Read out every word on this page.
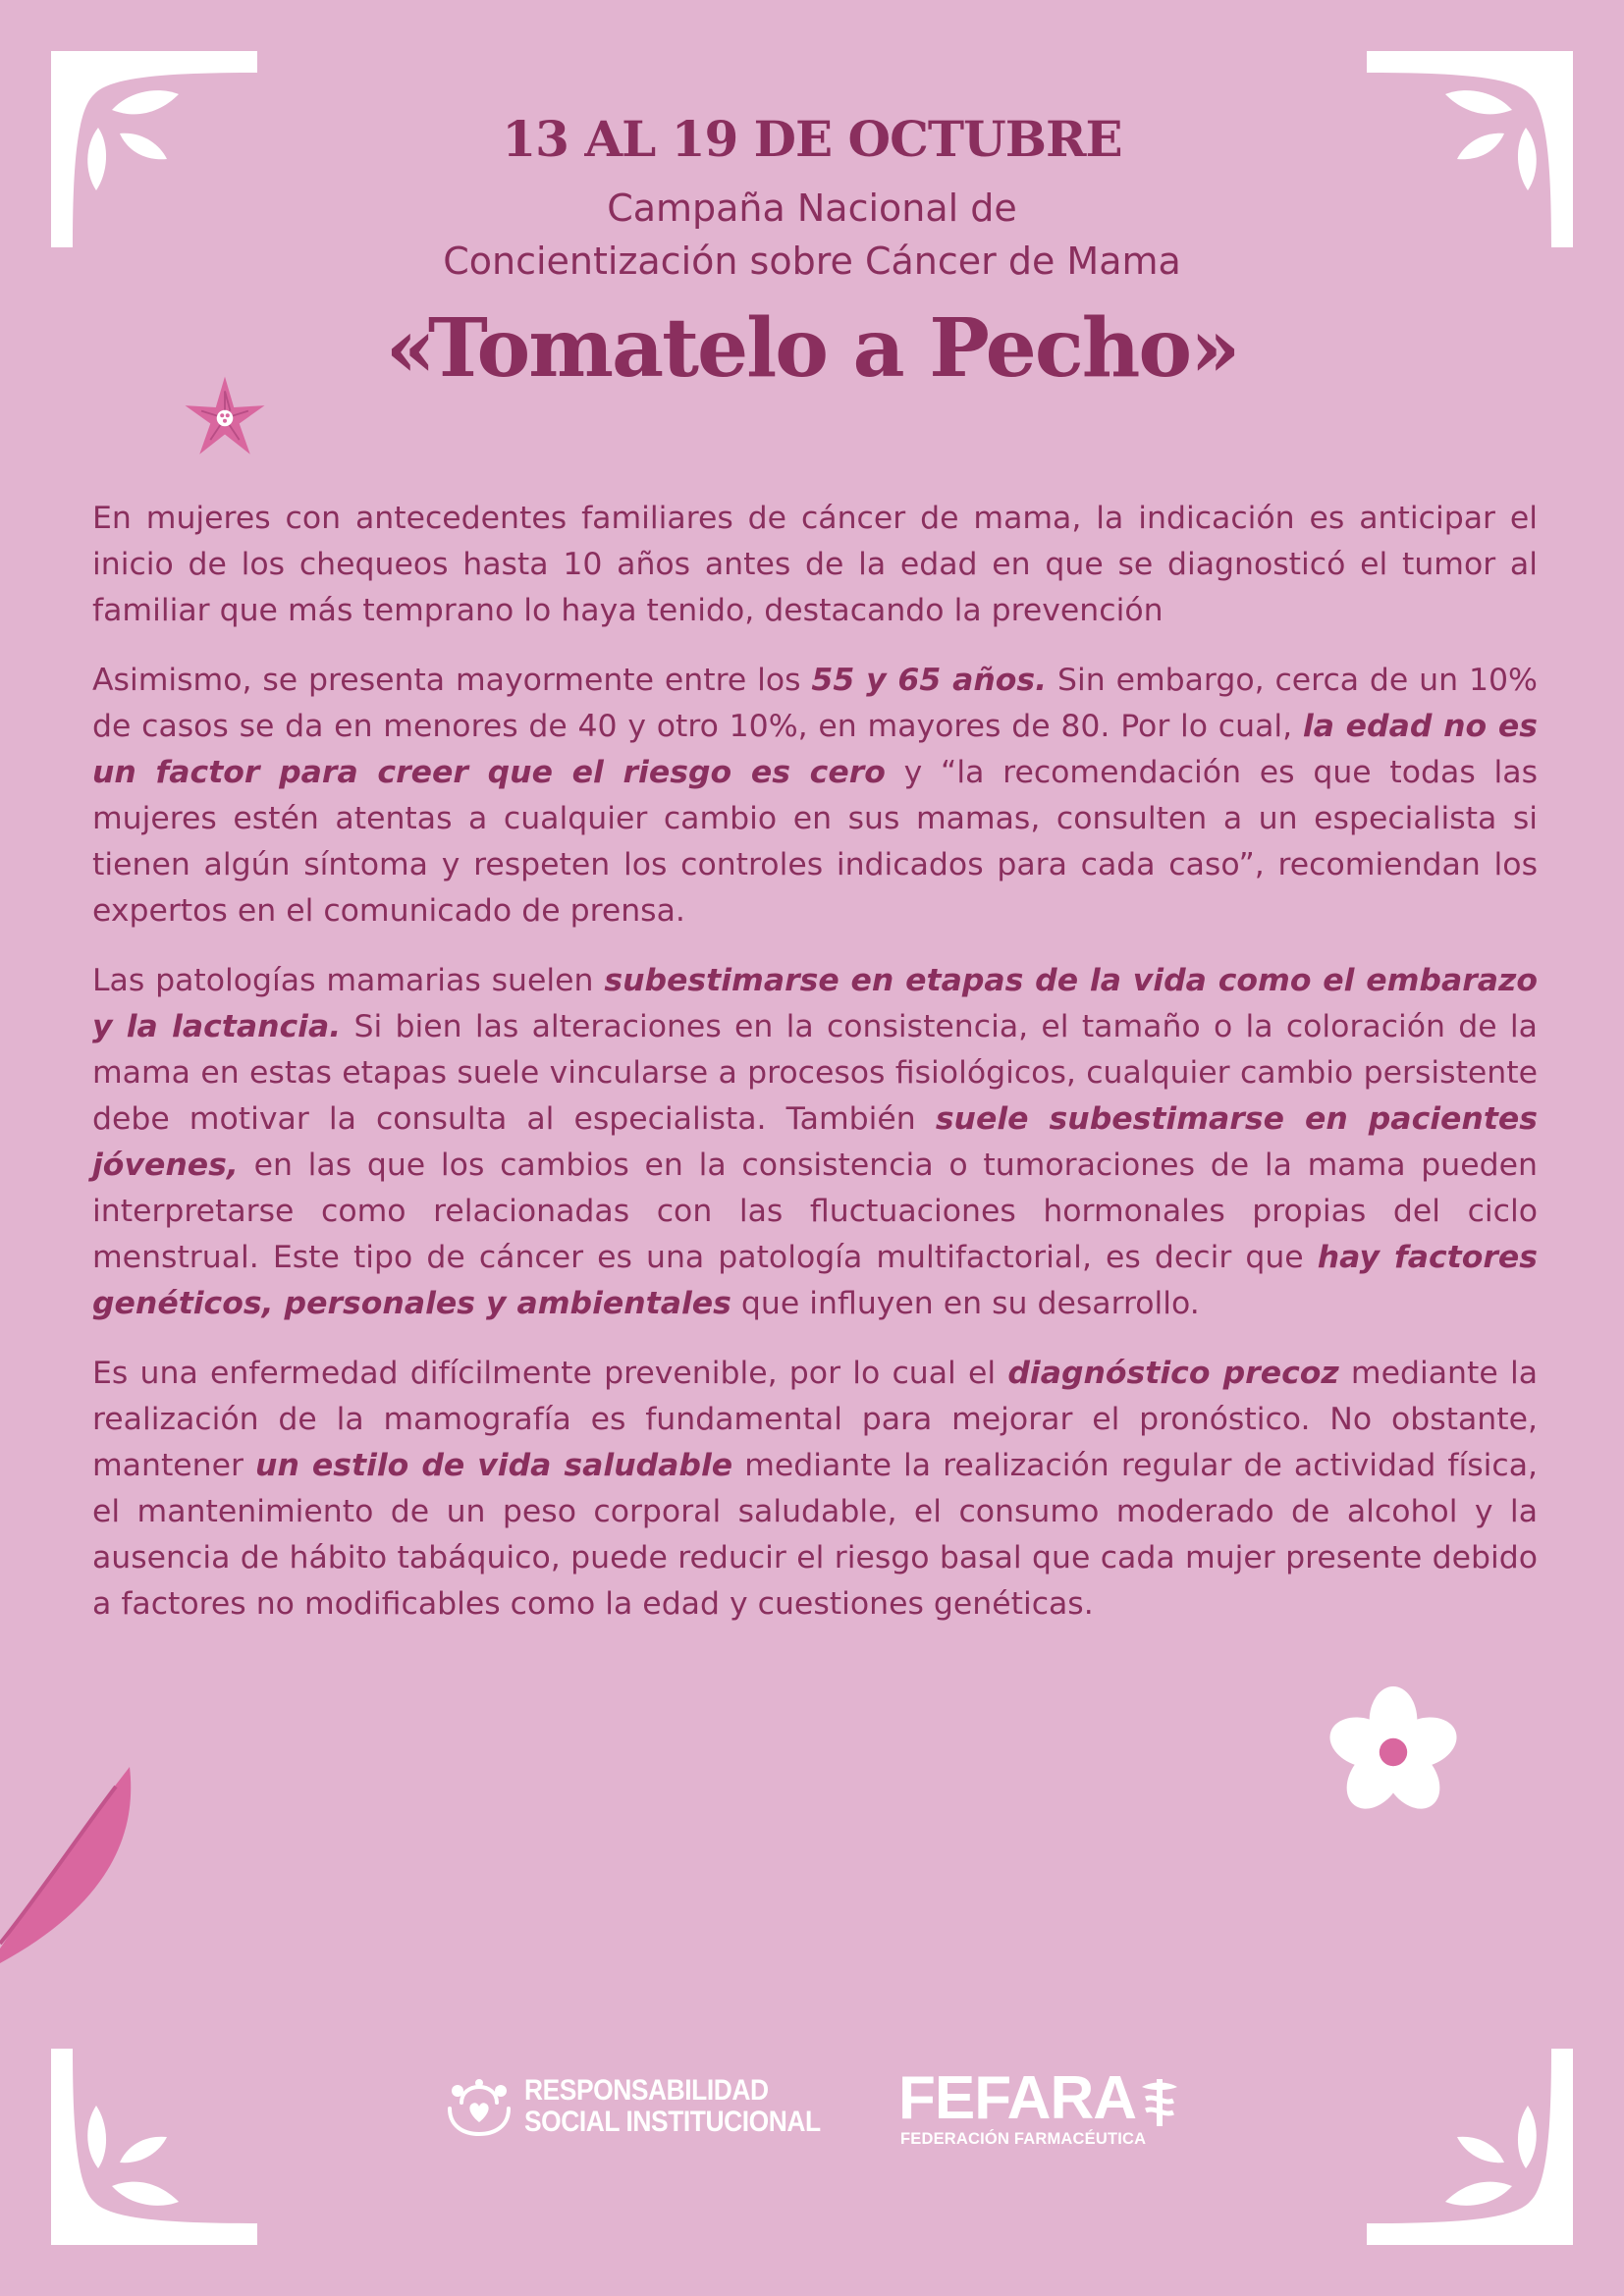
13 AL 19 DE OCTUBRE
Campaña Nacional de
Concientización sobre Cáncer de Mama
«Tomatelo a Pecho»

En mujeres con antecedentes familiares de cáncer de mama, la indicación es anticipar el inicio de los chequeos hasta 10 años antes de la edad en que se diagnosticó el tumor al familiar que más temprano lo haya tenido, destacando la prevención

Asimismo, se presenta mayormente entre los 55 y 65 años. Sin embargo, cerca de un 10% de casos se da en menores de 40 y otro 10%, en mayores de 80. Por lo cual, la edad no es un factor para creer que el riesgo es cero y “la recomendación es que todas las mujeres estén atentas a cualquier cambio en sus mamas, consulten a un especialista si tienen algún síntoma y respeten los controles indicados para cada caso”, recomiendan los expertos en el comunicado de prensa.

Las patologías mamarias suelen subestimarse en etapas de la vida como el embarazo y la lactancia. Si bien las alteraciones en la consistencia, el tamaño o la coloración de la mama en estas etapas suele vincularse a procesos fisiológicos, cualquier cambio persistente debe motivar la consulta al especialista. También suele subestimarse en pacientes jóvenes, en las que los cambios en la consistencia o tumoraciones de la mama pueden interpretarse como relacionadas con las fluctuaciones hormonales propias del ciclo menstrual. Este tipo de cáncer es una patología multifactorial, es decir que hay factores genéticos, personales y ambientales que influyen en su desarrollo.

Es una enfermedad difícilmente prevenible, por lo cual el diagnóstico precoz mediante la realización de la mamografía es fundamental para mejorar el pronóstico. No obstante, mantener un estilo de vida saludable mediante la realización regular de actividad física, el mantenimiento de un peso corporal saludable, el consumo moderado de alcohol y la ausencia de hábito tabáquico, puede reducir el riesgo basal que cada mujer presente debido a factores no modificables como la edad y cuestiones genéticas.

RESPONSABILIDAD
SOCIAL INSTITUCIONAL FEFARA
FEDERACIÓN FARMACÉUTICA
